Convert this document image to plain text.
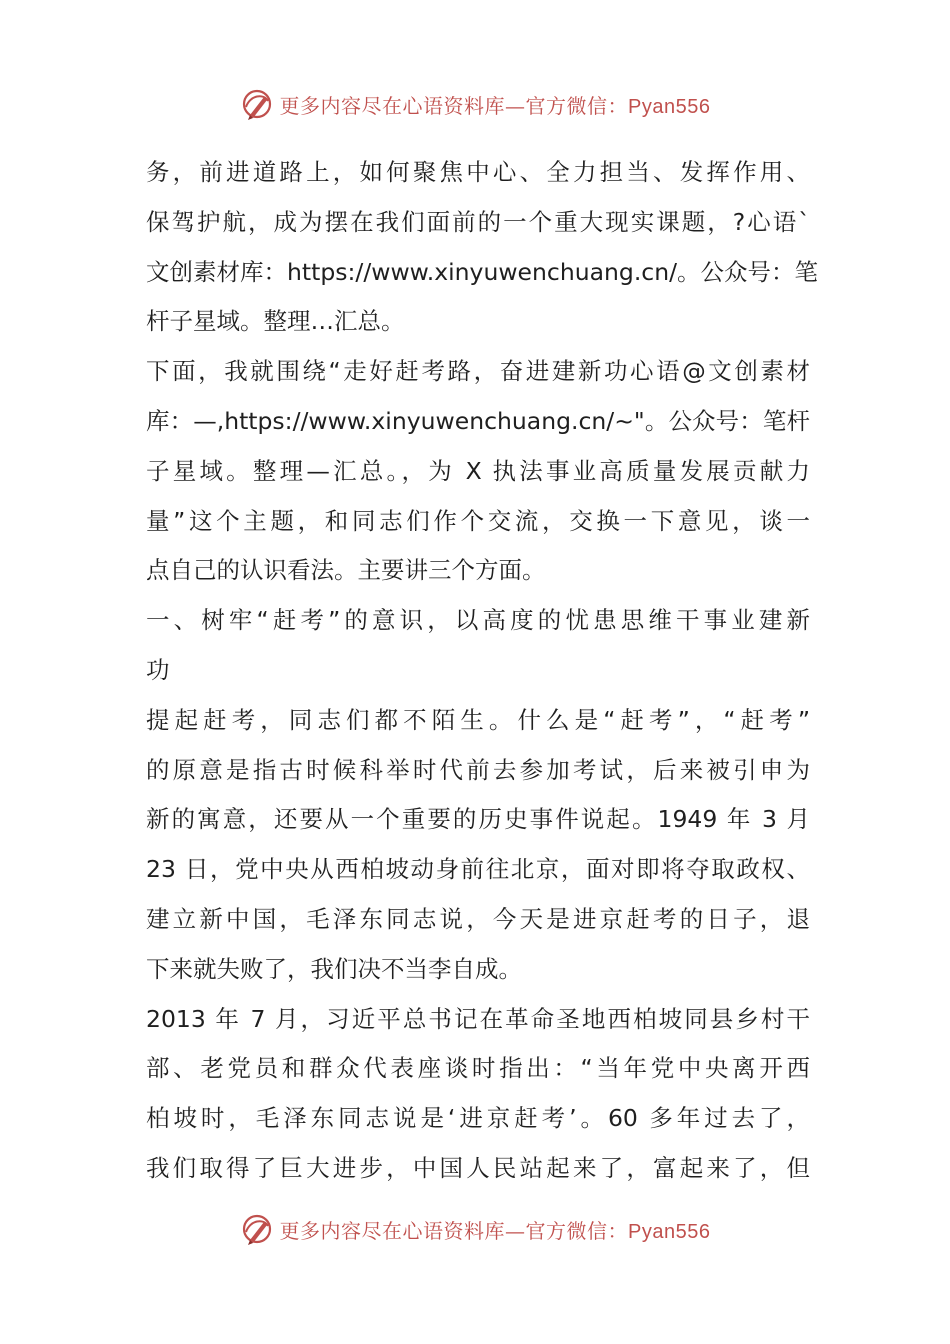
更多内容尽在心语资料库—官方微信：Pyan556
务，前进道路上，如何聚焦中心、全力担当、发挥作用、
保驾护航，成为摆在我们面前的一个重大现实课题，?心语`
文创素材库：https://www.xinyuwenchuang.cn/。公众号：笔
杆子星域。整理…汇总。
下面，我就围绕“走好赶考路，奋进建新功心语@文创素材
库：—,https://www.xinyuwenchuang.cn/~"。公众号：笔杆
子星域。整理—汇总。，为 X 执法事业高质量发展贡献力
量”这个主题，和同志们作个交流，交换一下意见，谈一
点自己的认识看法。主要讲三个方面。
一、树牢“赶考”的意识，以高度的忧患思维干事业建新
功
提起赶考，同志们都不陌生。什么是“赶考”，“赶考”
的原意是指古时候科举时代前去参加考试，后来被引申为
新的寓意，还要从一个重要的历史事件说起。1949 年 3 月
23 日，党中央从西柏坡动身前往北京，面对即将夺取政权、
建立新中国，毛泽东同志说，今天是进京赶考的日子，退
下来就失败了，我们决不当李自成。
2013 年 7 月，习近平总书记在革命圣地西柏坡同县乡村干
部、老党员和群众代表座谈时指出：“当年党中央离开西
柏坡时，毛泽东同志说是‘进京赶考’。60 多年过去了，
我们取得了巨大进步，中国人民站起来了，富起来了，但
更多内容尽在心语资料库—官方微信：Pyan556
